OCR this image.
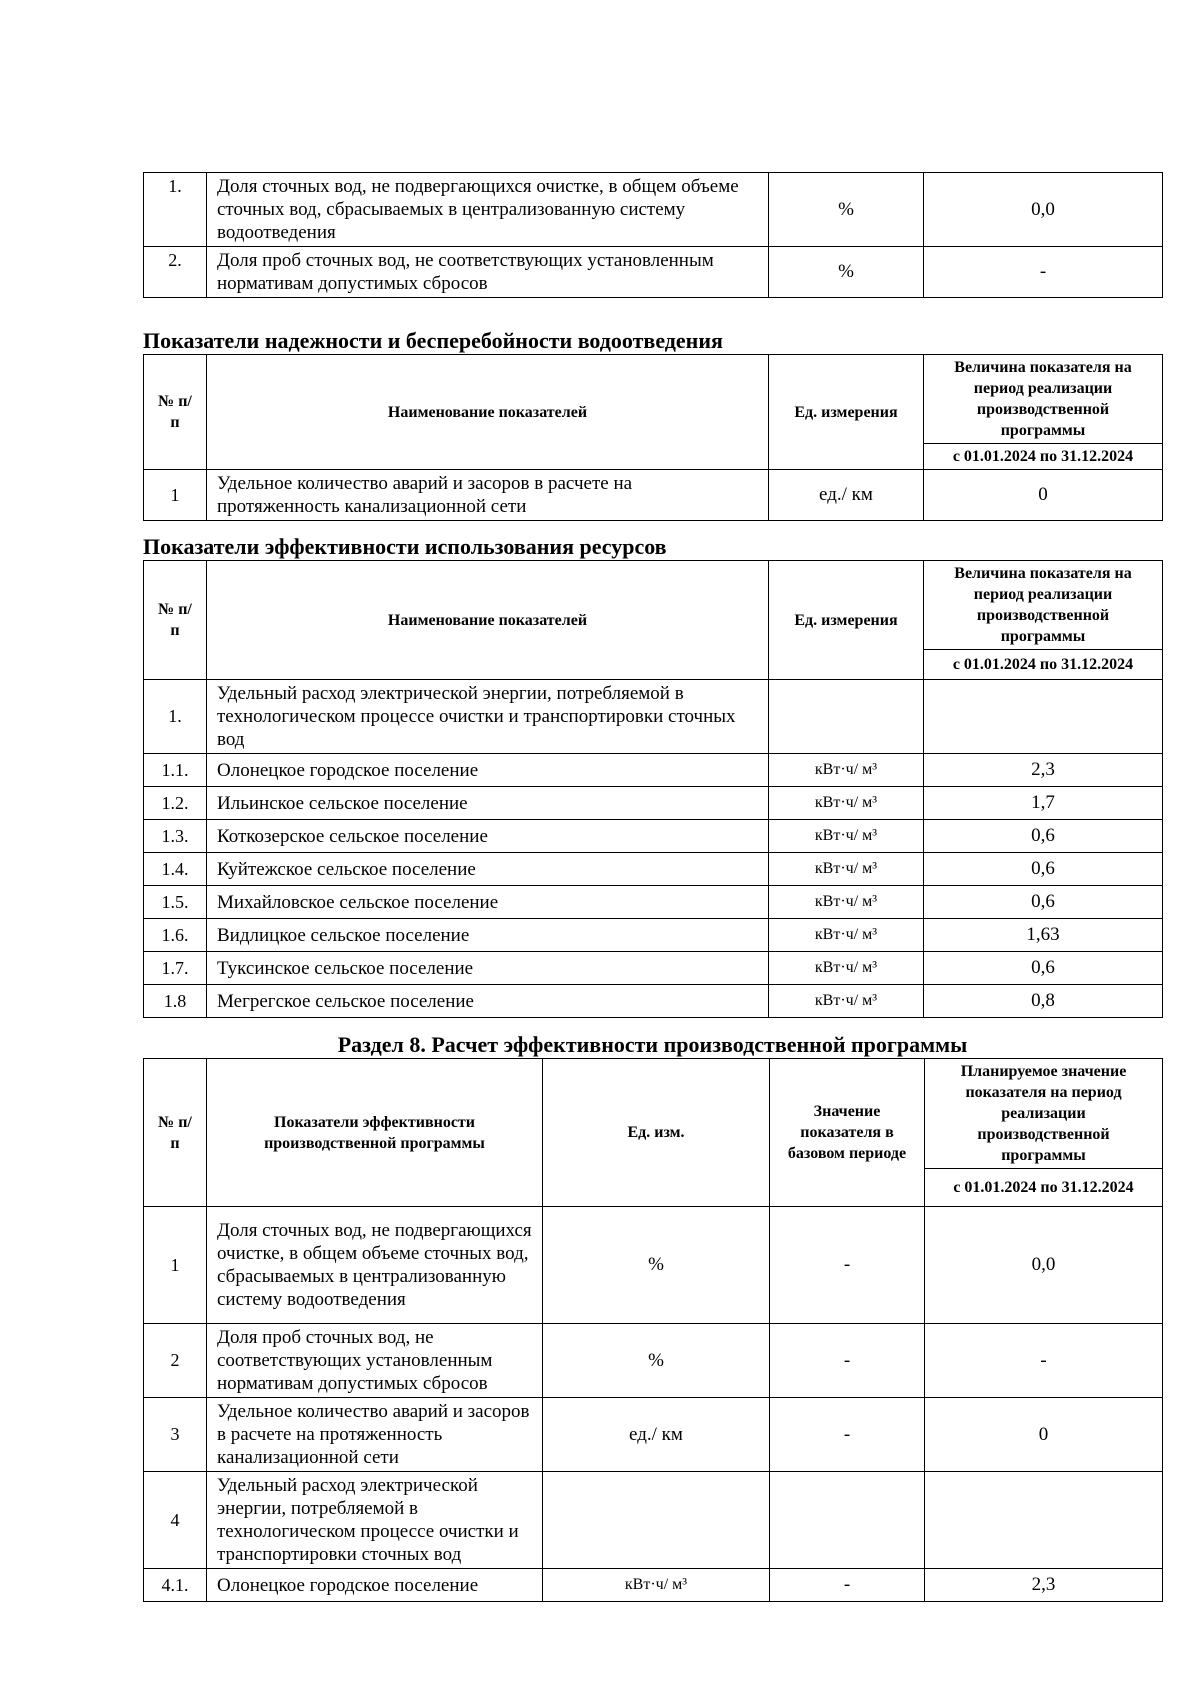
1.	Доля сточных вод, не подвергающихся очистке, в общем объеме сточных вод, сбрасываемых в централизованную систему водоотведения	%	0,0
2.	Доля проб сточных вод, не соответствующих установленным нормативам допустимых сбросов	%	-
Показатели надежности и бесперебойности водоотведения
№ п/п	Наименование показателей	Ед. измерения	Величина показателя на период реализации производственной программы
			с 01.01.2024 по 31.12.2024
1	Удельное количество аварий и засоров в расчете на протяженность канализационной сети	ед./ км	0
Показатели эффективности использования ресурсов
№ п/п	Наименование показателей	Ед. измерения	Величина показателя на период реализации производственной программы
			с 01.01.2024 по 31.12.2024
1.	Удельный расход электрической энергии, потребляемой в технологическом процессе очистки и транспортировки сточных вод		
1.1.	Олонецкое городское поселение	кВт·ч/ м³	2,3
1.2.	Ильинское сельское поселение	кВт·ч/ м³	1,7
1.3.	Коткозерское сельское поселение	кВт·ч/ м³	0,6
1.4.	Куйтежское сельское поселение	кВт·ч/ м³	0,6
1.5.	Михайловское сельское поселение	кВт·ч/ м³	0,6
1.6.	Видлицкое сельское поселение	кВт·ч/ м³	1,63
1.7.	Туксинское сельское поселение	кВт·ч/ м³	0,6
1.8	Мегрегское сельское поселение	кВт·ч/ м³	0,8
Раздел 8. Расчет эффективности производственной программы
№ п/п	Показатели эффективности производственной программы	Ед. изм.	Значение показателя в базовом периоде	Планируемое значение показателя на период реализации производственной программы
				с 01.01.2024 по 31.12.2024
1	Доля сточных вод, не подвергающихся очистке, в общем объеме сточных вод, сбрасываемых в централизованную систему водоотведения	%	-	0,0
2	Доля проб сточных вод, не соответствующих установленным нормативам допустимых сбросов	%	-	-
3	Удельное количество аварий и засоров в расчете на протяженность канализационной сети	ед./ км	-	0
4	Удельный расход электрической энергии, потребляемой в технологическом процессе очистки и транспортировки сточных вод			
4.1.	Олонецкое городское поселение	кВт·ч/ м³	-	2,3
